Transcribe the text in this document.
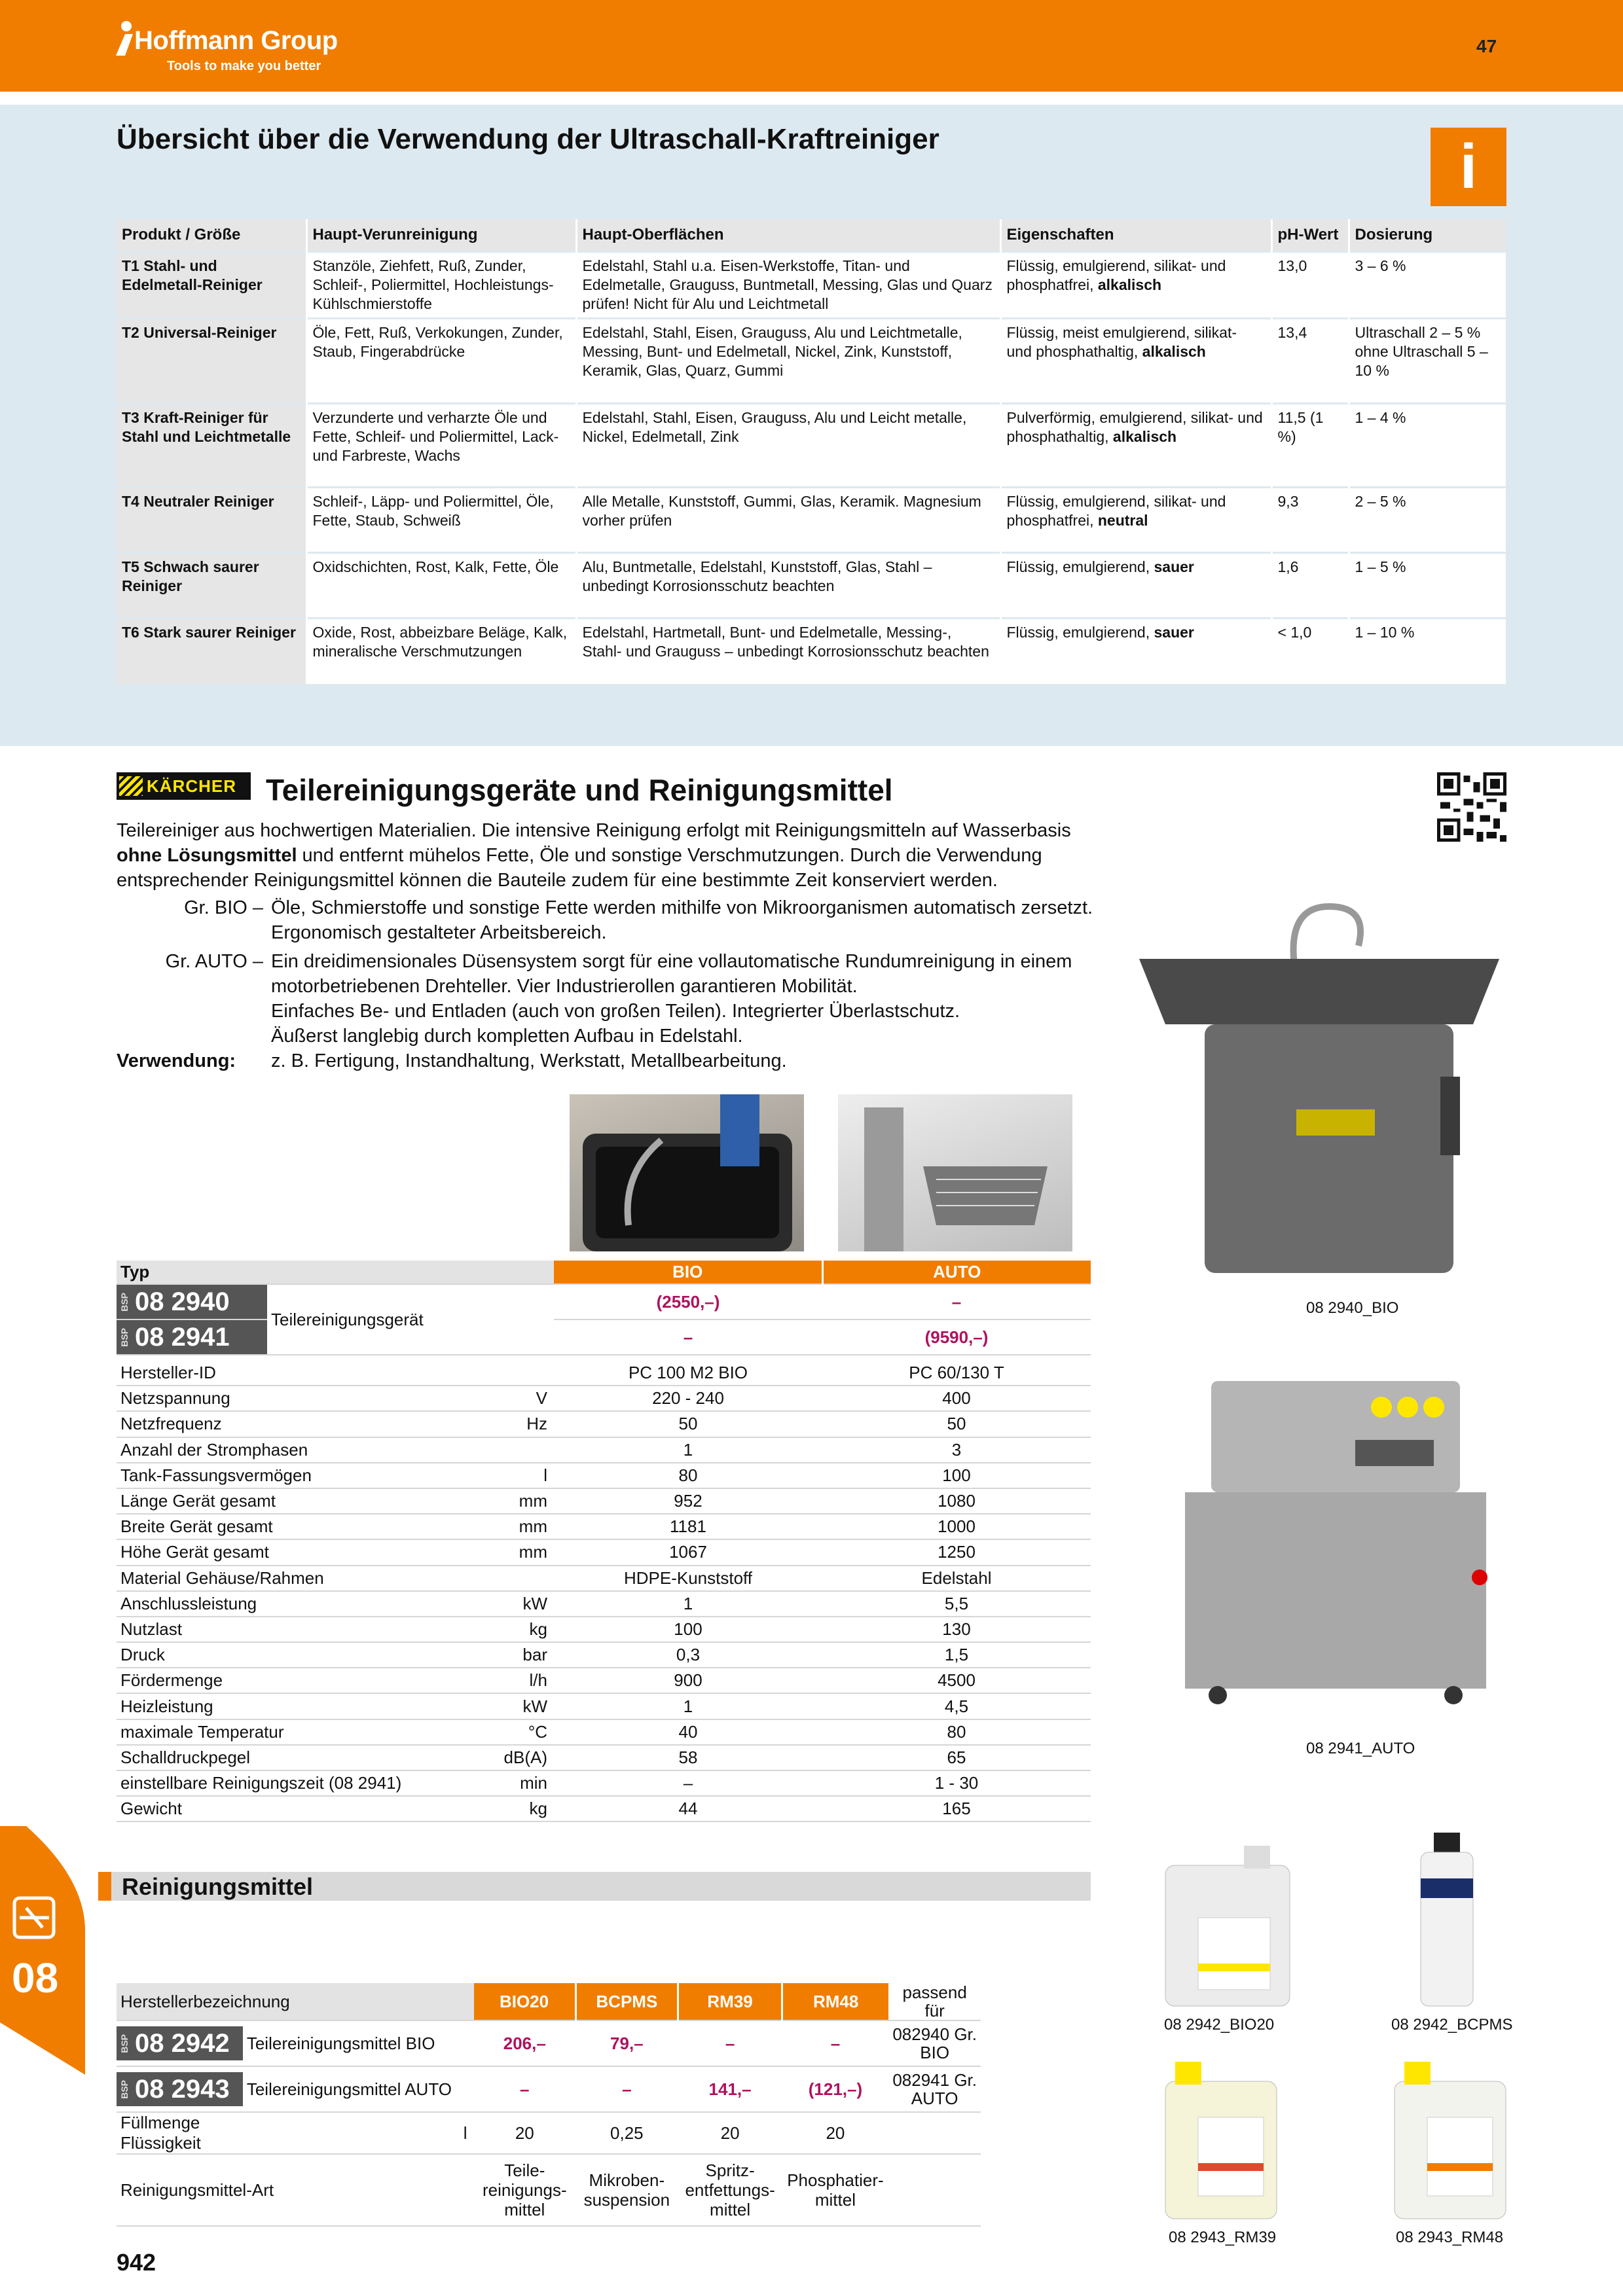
Hoffmann Group
Tools to make you better
47	DEE
Übersicht über die Verwendung der Ultraschall-Kraftreiniger	i
Produkt / Größe	Haupt-Verunreinigung	Haupt-Oberflächen	Eigenschaften	pH-Wert	Dosierung
T1 Stahl- und Edelmetall-Reiniger	Stanzöle, Ziehfett, Ruß, Zunder, Schleif-, Poliermittel, Hochleistungs-Kühlschmierstoffe	Edelstahl, Stahl u.a. Eisen-Werkstoffe, Titan- und Edelmetalle, Grauguss, Buntmetall, Messing, Glas und Quarz prüfen! Nicht für Alu und Leichtmetall	Flüssig, emulgierend, silikat- und phosphatfrei, alkalisch	13,0	3 – 6 %
T2 Universal-Reiniger	Öle, Fett, Ruß, Verkokungen, Zunder, Staub, Fingerabdrücke	Edelstahl, Stahl, Eisen, Grauguss, Alu und Leichtmetalle, Messing, Bunt- und Edelmetall, Nickel, Zink, Kunststoff, Keramik, Glas, Quarz, Gummi	Flüssig, meist emulgierend, silikat- und phosphathaltig, alkalisch	13,4	Ultraschall 2 – 5 % ohne Ultraschall 5 – 10 %
T3 Kraft-Reiniger für Stahl und Leichtmetalle	Verzunderte und verharzte Öle und Fette, Schleif- und Poliermittel, Lack- und Farbreste, Wachs	Edelstahl, Stahl, Eisen, Grauguss, Alu und Leicht metalle, Nickel, Edelmetall, Zink	Pulverförmig, emulgierend, silikat- und phosphathaltig, alkalisch	11,5 (1 %)	1 – 4 %
T4 Neutraler Reiniger	Schleif-, Läpp- und Poliermittel, Öle, Fette, Staub, Schweiß	Alle Metalle, Kunststoff, Gummi, Glas, Keramik. Magnesium vorher prüfen	Flüssig, emulgierend, silikat- und phosphatfrei, neutral	9,3	2 – 5 %
T5 Schwach saurer Reiniger	Oxidschichten, Rost, Kalk, Fette, Öle	Alu, Buntmetalle, Edelstahl, Kunststoff, Glas, Stahl – unbedingt Korrosionsschutz beachten	Flüssig, emulgierend, sauer	1,6	1 – 5 %
T6 Stark saurer Reiniger	Oxide, Rost, abbeizbare Beläge, Kalk, mineralische Verschmutzungen	Edelstahl, Hartmetall, Bunt- und Edelmetalle, Messing-, Stahl- und Grauguss – unbedingt Korrosionsschutz beachten	Flüssig, emulgierend, sauer	< 1,0	1 – 10 %
KÄRCHER Teilereinigungsgeräte und Reinigungsmittel
Teilereiniger aus hochwertigen Materialien. Die intensive Reinigung erfolgt mit Reinigungsmitteln auf Wasserbasis
ohne Lösungsmittel und entfernt mühelos Fette, Öle und sonstige Verschmutzungen. Durch die Verwendung entsprechender Reinigungsmittel können die Bauteile zudem für eine bestimmte Zeit konserviert werden.
Gr. BIO – Öle, Schmierstoffe und sonstige Fette werden mithilfe von Mikroorganismen automatisch zersetzt.
Ergonomisch gestalteter Arbeitsbereich.
Gr. AUTO – Ein dreidimensionales Düsensystem sorgt für eine vollautomatische Rundumreinigung in einem
motorbetriebenen Drehteller. Vier Industrierollen garantieren Mobilität.
Einfaches Be- und Entladen (auch von großen Teilen). Integrierter Überlastschutz.
Äußerst langlebig durch kompletten Aufbau in Edelstahl.
Verwendung: z. B. Fertigung, Instandhaltung, Werkstatt, Metallbearbeitung.
08 2940_BIO
08 2941_AUTO
Typ		BIO	AUTO

BSP 08 2940	Teilereinigungsgerät	(2550,–)	–

BSP 08 2941		–	(9590,–)
Hersteller-ID		PC 100 M2 BIO	PC 60/130 T
Netzspannung	V	220 - 240	400
Netzfrequenz	Hz	50	50
Anzahl der Stromphasen		1	3
Tank-Fassungsvermögen	l	80	100
Länge Gerät gesamt	mm	952	1080
Breite Gerät gesamt	mm	1181	1000
Höhe Gerät gesamt	mm	1067	1250
Material Gehäuse/Rahmen		HDPE-Kunststoff	Edelstahl
Anschlussleistung	kW	1	5,5
Nutzlast	kg	100	130
Druck	bar	0,3	1,5
Fördermenge	l/h	900	4500
Heizleistung	kW	1	4,5
maximale Temperatur	°C	40	80
Schalldruckpegel	dB(A)	58	65
einstellbare Reinigungszeit (08 2941)	min	–	1 - 30
Gewicht	kg	44	165
Reinigungsmittel
Herstellerbezeichnung		BIO20	BCPMS	RM39	RM48	passend für

BSP 08 2942	Teilereinigungsmittel BIO	206,–	79,–	–	–	082940 Gr. BIO

BSP 08 2943	Teilereinigungsmittel AUTO	–	–	141,–	(121,–)	082941 Gr. AUTO
Füllmenge Flüssigkeit	l	20	0,25	20	20	
Reinigungsmittel-Art		Teile-reinigungs-mittel	Mikroben-suspension	Spritz-entfettungs-mittel	Phosphatier-mittel	
08 2942_BIO20	08 2942_BCPMS
08 2943_RM39	08 2943_RM48
08
942
